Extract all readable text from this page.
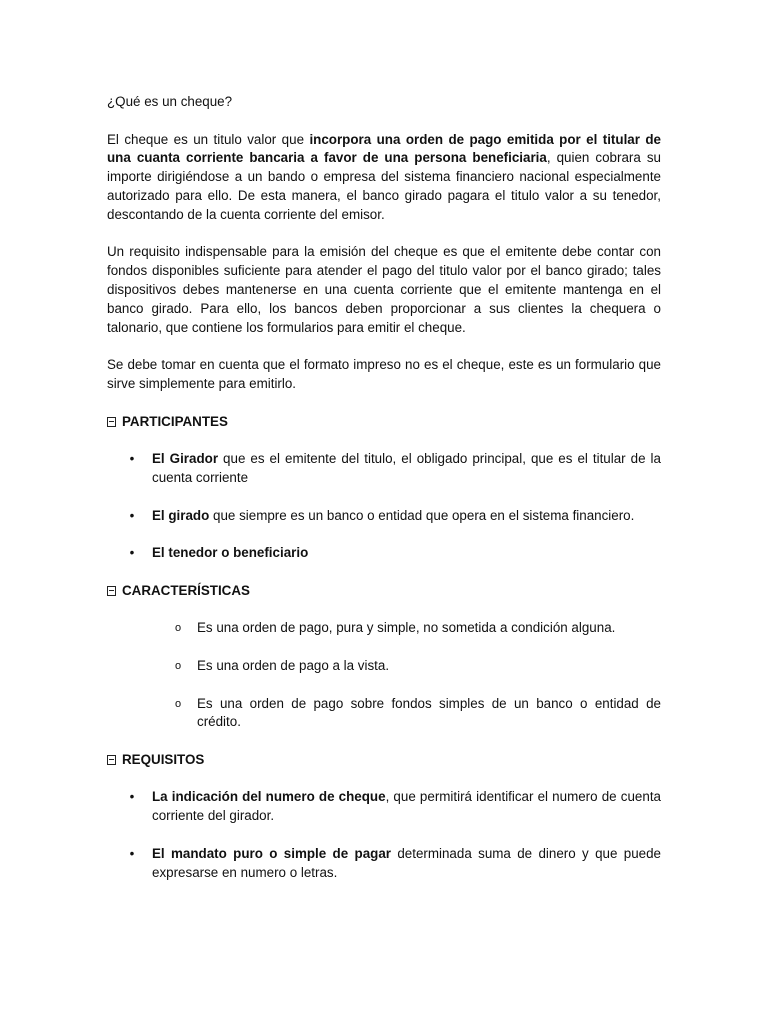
¿Qué es un cheque?

El cheque es un titulo valor que incorpora una orden de pago emitida por el titular de una cuanta corriente bancaria a favor de una persona beneficiaria, quien cobrara su importe dirigiéndose a un bando o empresa del sistema financiero nacional especialmente autorizado para ello. De esta manera, el banco girado pagara el titulo valor a su tenedor, descontando de la cuenta corriente del emisor.

Un requisito indispensable para la emisión del cheque es que el emitente debe contar con fondos disponibles suficiente para atender el pago del titulo valor por el banco girado; tales dispositivos debes mantenerse en una cuenta corriente que el emitente mantenga en el banco girado. Para ello, los bancos deben proporcionar a sus clientes la chequera o talonario, que contiene los formularios para emitir el cheque.

Se debe tomar en cuenta que el formato impreso no es el cheque, este es un formulario que sirve simplemente para emitirlo.

PARTICIPANTES
• El Girador que es el emitente del titulo, el obligado principal, que es el titular de la cuenta corriente
• El girado que siempre es un banco o entidad que opera en el sistema financiero.
• El tenedor o beneficiario
CARACTERÍSTICAS
o Es una orden de pago, pura y simple, no sometida a condición alguna.
o Es una orden de pago a la vista.
o Es una orden de pago sobre fondos simples de un banco o entidad de crédito.
REQUISITOS
• La indicación del numero de cheque, que permitirá identificar el numero de cuenta corriente del girador.
• El mandato puro o simple de pagar determinada suma de dinero y que puede expresarse en numero o letras.
